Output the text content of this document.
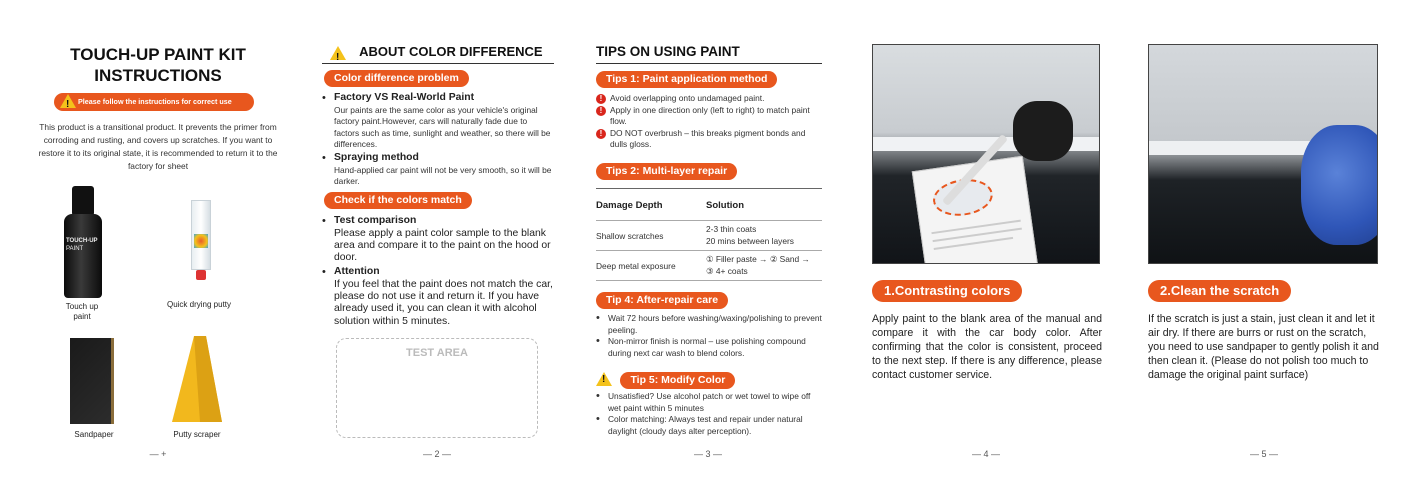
TOUCH-UP PAINT KIT
INSTRUCTIONS
!
Please follow the instructions for correct use
This product is a transitional product. It prevents the primer from corroding and rusting, and covers up scratches. If you want to restore it to its original state, it is recommended to return it to the factory for sheet
TOUCH-UP
PAINT
Touch up paint
Quick drying putty
Sandpaper	Putty scraper
— +
! ABOUT COLOR DIFFERENCE
Color difference problem
• Factory VS Real-World Paint
Our paints are the same color as your vehicle's original factory paint.However, cars will naturally fade due to factors such as time, sunlight and weather, so there will be differences.
• Spraying method
Hand-applied car paint will not be very smooth, so it will be darker.
Check if the colors match
• Test comparison
Please apply a paint color sample to the blank area and compare it to the paint on the hood or door.
• Attention
If you feel that the paint does not match the car, please do not use it and return it. If you have already used it, you can clean it with alcohol solution within 5 minutes.
TEST AREA
— 2 —
TIPS ON USING PAINT
Tips 1: Paint application method
! Avoid overlapping onto undamaged paint.
! Apply in one direction only (left to right) to match paint flow.
! DO NOT overbrush – this breaks pigment bonds and dulls gloss.
Tips 2: Multi-layer repair
Damage Depth	Solution
Shallow scratches
2-3 thin coats
20 mins between layers
Deep metal exposure
① Filler paste → ② Sand →
③ 4+ coats
Tip 4: After-repair care
• Wait 72 hours before washing/waxing/polishing to prevent peeling.
• Non-mirror finish is normal – use polishing compound during next car wash to blend colors.
! Tip 5: Modify Color
• Unsatisfied? Use alcohol patch or wet towel to wipe off wet paint within 5 minutes
• Color matching: Always test and repair under natural daylight (cloudy days alter perception).
— 3 —
1.Contrasting colors
Apply paint to the blank area of the manual and compare it with the car body color. After confirming that the color is consistent, proceed to the next step. If there is any difference, please contact customer service.
— 4 —
2.Clean the scratch
If the scratch is just a stain, just clean it and let it air dry. If there are burrs or rust on the scratch, you need to use sandpaper to gently polish it and then clean it. (Please do not polish too much to damage the original paint surface)
— 5 —
